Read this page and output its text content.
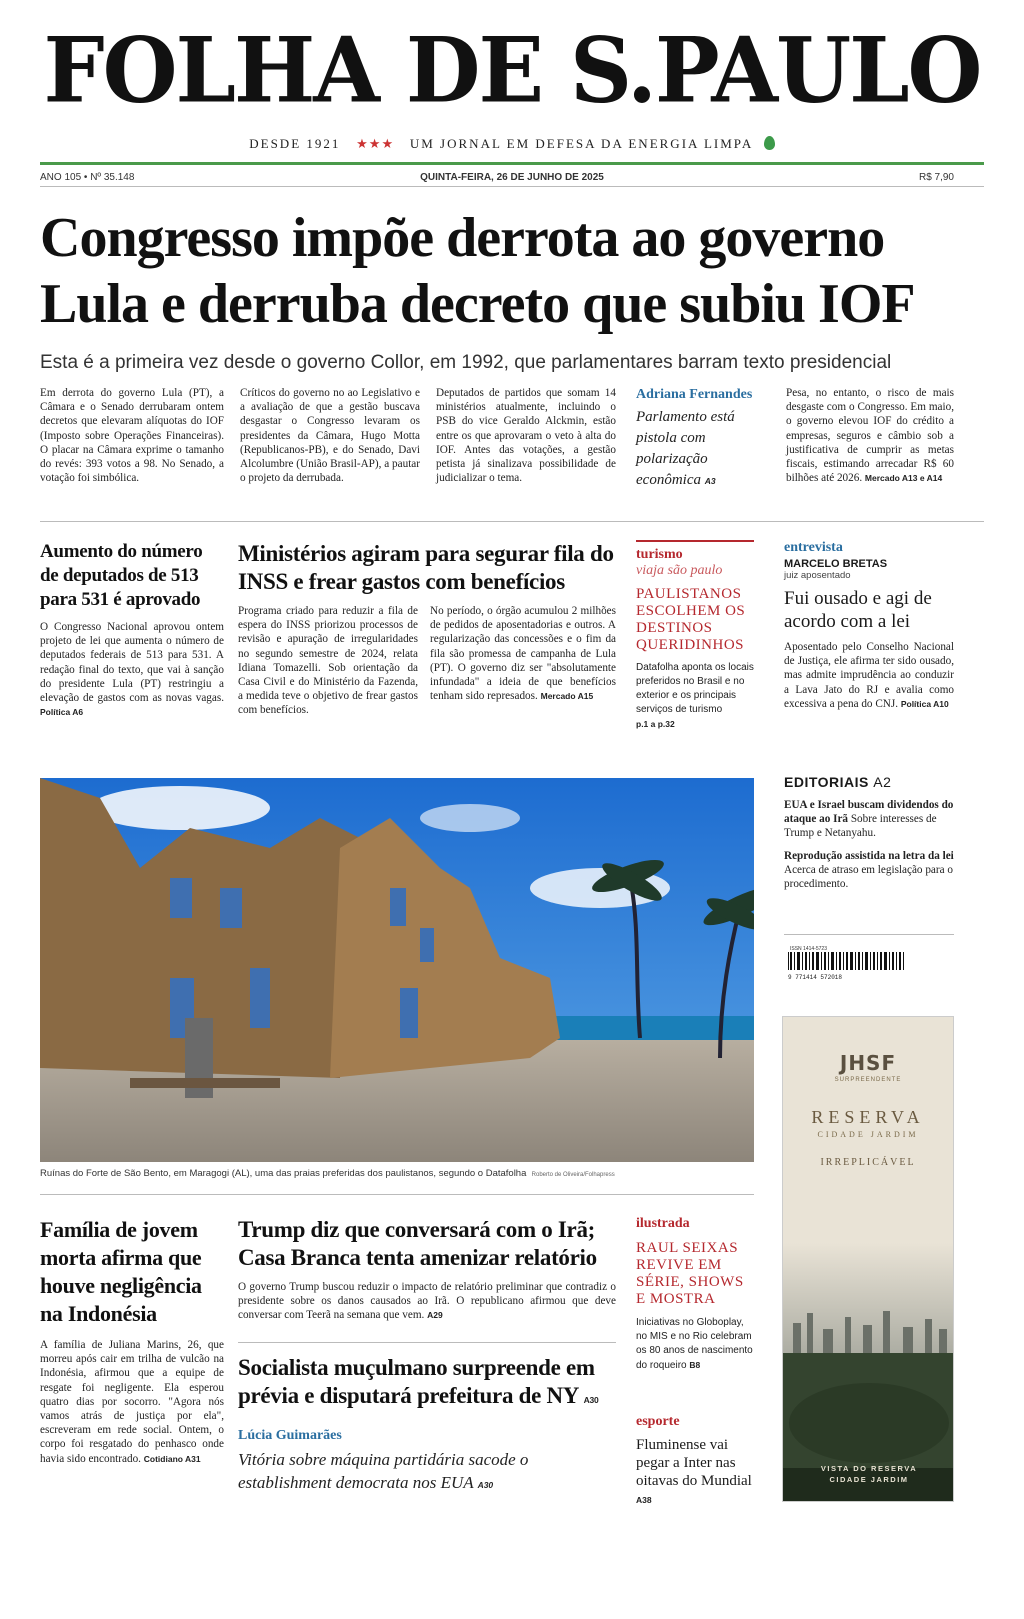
FOLHA DE S.PAULO
DESDE 1921 ★★★ UM JORNAL EM DEFESA DA ENERGIA LIMPA
ANO 105 • Nº 35.148	QUINTA-FEIRA, 26 DE JUNHO DE 2025	R$ 7,90
Congresso impõe derrota ao governo Lula e derruba decreto que subiu IOF
Esta é a primeira vez desde o governo Collor, em 1992, que parlamentares barram texto presidencial
Em derrota do governo Lula (PT), a Câmara e o Senado derrubaram ontem decretos que elevaram alíquotas do IOF (Imposto sobre Operações Financeiras). O placar na Câmara exprime o tamanho do revés: 393 votos a 98. No Senado, a votação foi simbólica.
Críticos do governo no ao Legislativo e a avaliação de que a gestão buscava desgastar o Congresso levaram os presidentes da Câmara, Hugo Motta (Republicanos-PB), e do Senado, Davi Alcolumbre (União Brasil-AP), a pautar o projeto da derrubada.
Deputados de partidos que somam 14 ministérios atualmente, incluindo o PSB do vice Geraldo Alckmin, estão entre os que aprovaram o veto à alta do IOF. Antes das votações, a gestão petista já sinalizava possibilidade de judicializar o tema.
Adriana Fernandes
Parlamento está pistola com polarização econômica A3
Pesa, no entanto, o risco de mais desgaste com o Congresso. Em maio, o governo elevou IOF do crédito a empresas, seguros e câmbio sob a justificativa de cumprir as metas fiscais, estimando arrecadar R$ 60 bilhões até 2026. Mercado A13 e A14
Aumento do número de deputados de 513 para 531 é aprovado
O Congresso Nacional aprovou ontem projeto de lei que aumenta o número de deputados federais de 513 para 531. A redação final do texto, que vai à sanção do presidente Lula (PT) restringiu a elevação de gastos com as novas vagas. Política A6
Ministérios agiram para segurar fila do INSS e frear gastos com benefícios
Programa criado para reduzir a fila de espera do INSS priorizou processos de revisão e apuração de irregularidades no segundo semestre de 2024, relata Idiana Tomazelli. Sob orientação da Casa Civil e do Ministério da Fazenda, a medida teve o objetivo de frear gastos com benefícios.
No período, o órgão acumulou 2 milhões de pedidos de aposentadorias e outros. A regularização das concessões e o fim da fila são promessa de campanha de Lula (PT). O governo diz ser "absolutamente infundada" a ideia de que benefícios tenham sido represados. Mercado A15
turismo
viaja são paulo
PAULISTANOS ESCOLHEM OS DESTINOS QUERIDINHOS
Datafolha aponta os locais preferidos no Brasil e no exterior e os principais serviços de turismo p.1 a p.32
entrevista
MARCELO BRETAS
juiz aposentado
Fui ousado e agi de acordo com a lei
Aposentado pelo Conselho Nacional de Justiça, ele afirma ter sido ousado, mas admite imprudência ao conduzir a Lava Jato do RJ e avalia como excessiva a pena do CNJ. Política A10
EDITORIAIS A2
EUA e Israel buscam dividendos do ataque ao Irã Sobre interesses de Trump e Netanyahu.
Reprodução assistida na letra da lei Acerca de atraso em legislação para o procedimento.
ISSN 1414-5723
9 771414 572018
Ruínas do Forte de São Bento, em Maragogi (AL), uma das praias preferidas dos paulistanos, segundo o Datafolha Roberto de Oliveira/Folhapress
Família de jovem morta afirma que houve negligência na Indonésia
A família de Juliana Marins, 26, que morreu após cair em trilha de vulcão na Indonésia, afirmou que a equipe de resgate foi negligente. Ela esperou quatro dias por socorro. "Agora nós vamos atrás de justiça por ela", escreveram em rede social. Ontem, o corpo foi resgatado do penhasco onde havia sido encontrado. Cotidiano A31
Trump diz que conversará com o Irã; Casa Branca tenta amenizar relatório
O governo Trump buscou reduzir o impacto de relatório preliminar que contradiz o presidente sobre os danos causados ao Irã. O republicano afirmou que deve conversar com Teerã na semana que vem. A29
Socialista muçulmano surpreende em prévia e disputará prefeitura de NY A30
Lúcia Guimarães
Vitória sobre máquina partidária sacode o establishment democrata nos EUA A30
ilustrada
RAUL SEIXAS REVIVE EM SÉRIE, SHOWS E MOSTRA
Iniciativas no Globoplay, no MIS e no Rio celebram os 80 anos de nascimento do roqueiro B8
esporte
Fluminense vai pegar a Inter nas oitavas do Mundial A38
JHSF
SURPREENDENTE
RESERVA
CIDADE JARDIM
IRREPLICÁVEL
VISTA DO RESERVA CIDADE JARDIM
